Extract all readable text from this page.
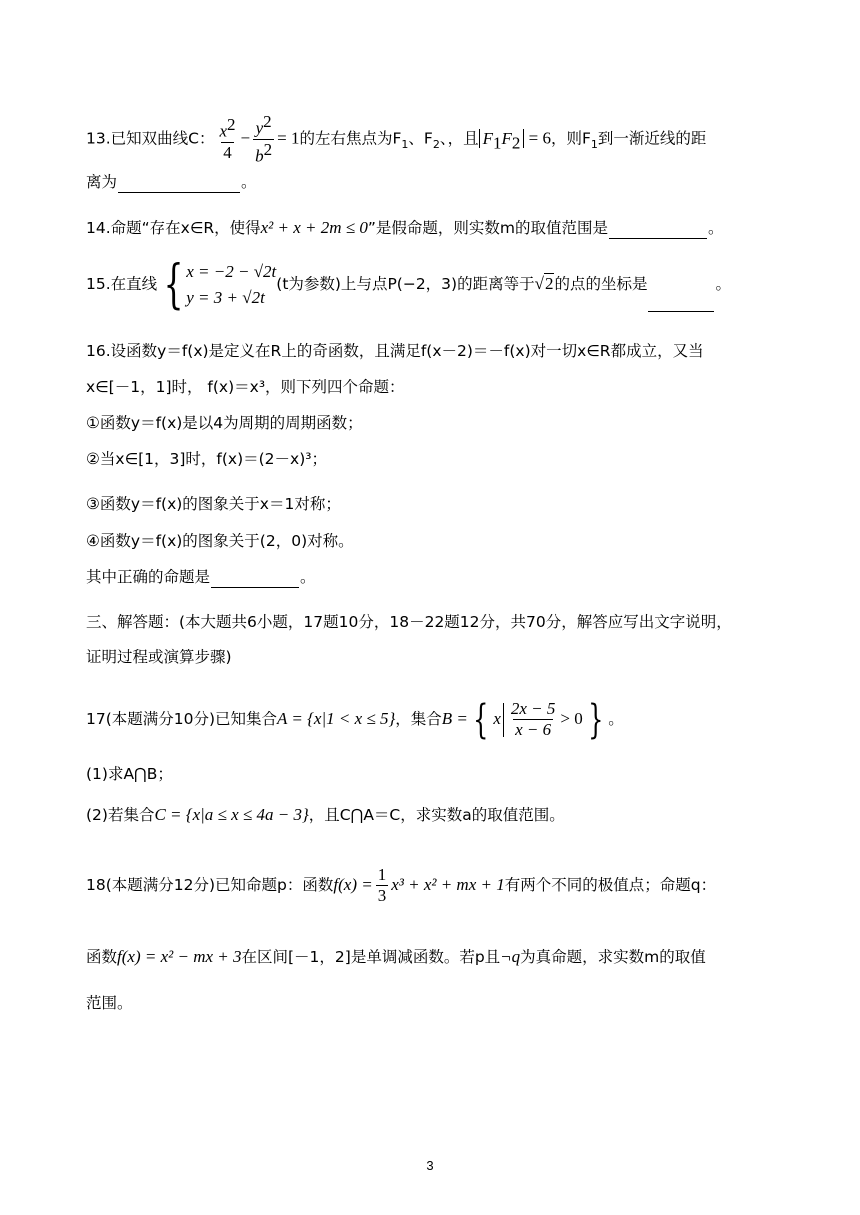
13.已知双曲线C： $\frac{x^2}{4} - \frac{y^2}{b^2} = 1$的左右焦点为$F_1$、$F_2$、，且 $F_1F_2 = 6$，则$F_1$到一渐近线的距
离为	。
14.命题“存在x∈R，使得x² + x + 2m ≤ 0”是假命题，则实数m的取值范围是	。
15.在直线 { x = −2 − √2t
y = 3 + √2t
(t为参数)上与点P(−2，3)的距离等于√2的点的坐标是	。
16.设函数y＝f(x)是定义在R上的奇函数，且满足f(x－2)＝－f(x)对一切x∈R都成立，又当
x∈[－1，1]时， f(x)＝x³，则下列四个命题：
①函数y＝f(x)是以4为周期的周期函数；
②当x∈[1，3]时，f(x)＝(2－x)³；
③函数y＝f(x)的图象关于x＝1对称；
④函数y＝f(x)的图象关于(2，0)对称。
其中正确的命题是	。
三、解答题：(本大题共6小题，17题10分，18－22题12分，共70分，解答应写出文字说明，
证明过程或演算步骤)
17(本题满分10分)已知集合A = {x|1 < x ≤ 5}，集合B = { x $\frac{2x - 5}{x - 6} > 0$ } 。
(1)求A⋂B；
(2)若集合C = {x|a ≤ x ≤ 4a − 3}，且C⋂A＝C，求实数a的取值范围。
18(本题满分12分)已知命题p：函数$f(x) = \frac{1}{3} x^3 + x^2$ + mx + 1有两个不同的极值点；命题q：
函数f(x) = x² − mx + 3在区间[－1，2]是单调减函数。若p且¬q为真命题，求实数m的取值
范围。
3
